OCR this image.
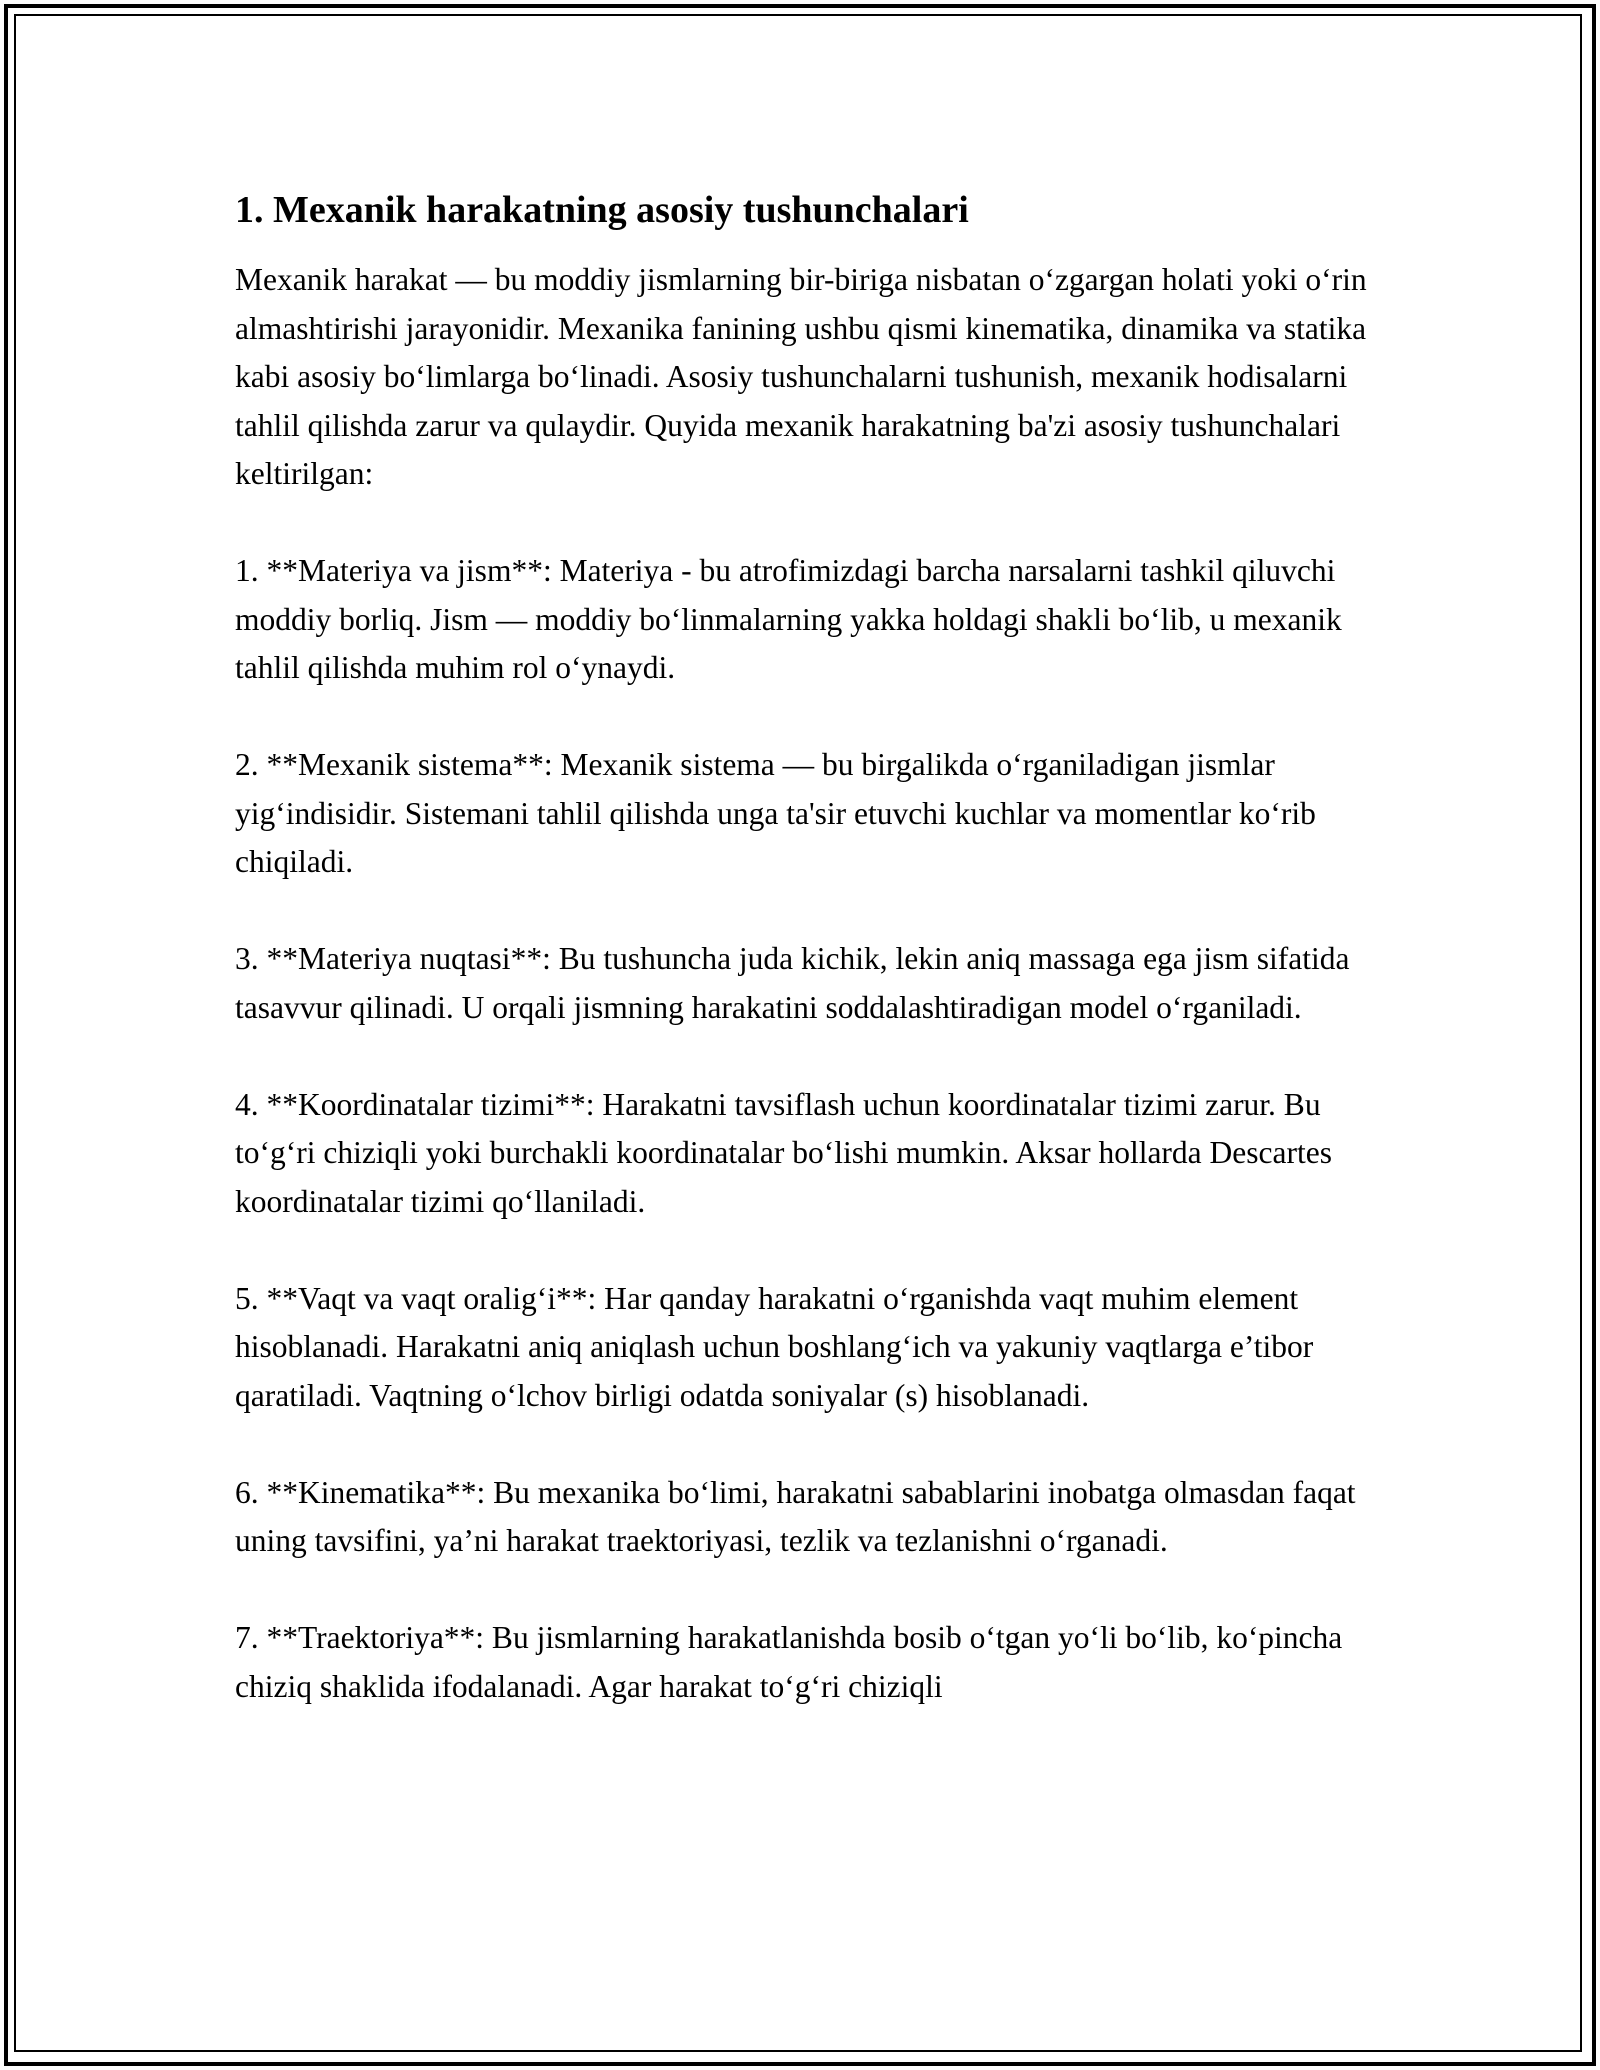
1. Mexanik harakatning asosiy tushunchalari

Mexanik harakat — bu moddiy jismlarning bir-biriga nisbatan oʻzgargan holati yoki oʻrin almashtirishi jarayonidir. Mexanika fanining ushbu qismi kinematika, dinamika va statika kabi asosiy boʻlimlarga boʻlinadi. Asosiy tushunchalarni tushunish, mexanik hodisalarni tahlil qilishda zarur va qulaydir. Quyida mexanik harakatning ba'zi asosiy tushunchalari keltirilgan:

1. **Materiya va jism**: Materiya - bu atrofimizdagi barcha narsalarni tashkil qiluvchi moddiy borliq. Jism — moddiy boʻlinmalarning yakka holdagi shakli boʻlib, u mexanik tahlil qilishda muhim rol oʻynaydi.

2. **Mexanik sistema**: Mexanik sistema — bu birgalikda oʻrganiladigan jismlar yigʻindisidir. Sistemani tahlil qilishda unga ta'sir etuvchi kuchlar va momentlar koʻrib chiqiladi.

3. **Materiya nuqtasi**: Bu tushuncha juda kichik, lekin aniq massaga ega jism sifatida tasavvur qilinadi. U orqali jismning harakatini soddalashtiradigan model oʻrganiladi.

4. **Koordinatalar tizimi**: Harakatni tavsiflash uchun koordinatalar tizimi zarur. Bu toʻgʻri chiziqli yoki burchakli koordinatalar boʻlishi mumkin. Aksar hollarda Descartes koordinatalar tizimi qoʻllaniladi.

5. **Vaqt va vaqt oraligʻi**: Har qanday harakatni oʻrganishda vaqt muhim element hisoblanadi. Harakatni aniq aniqlash uchun boshlangʻich va yakuniy vaqtlarga e’tibor qaratiladi. Vaqtning oʻlchov birligi odatda soniyalar (s) hisoblanadi.

6. **Kinematika**: Bu mexanika boʻlimi, harakatni sabablarini inobatga olmasdan faqat uning tavsifini, ya’ni harakat traektoriyasi, tezlik va tezlanishni oʻrganadi.

7. **Traektoriya**: Bu jismlarning harakatlanishda bosib oʻtgan yoʻli boʻlib, koʻpincha chiziq shaklida ifodalanadi. Agar harakat toʻgʻri chiziqli
